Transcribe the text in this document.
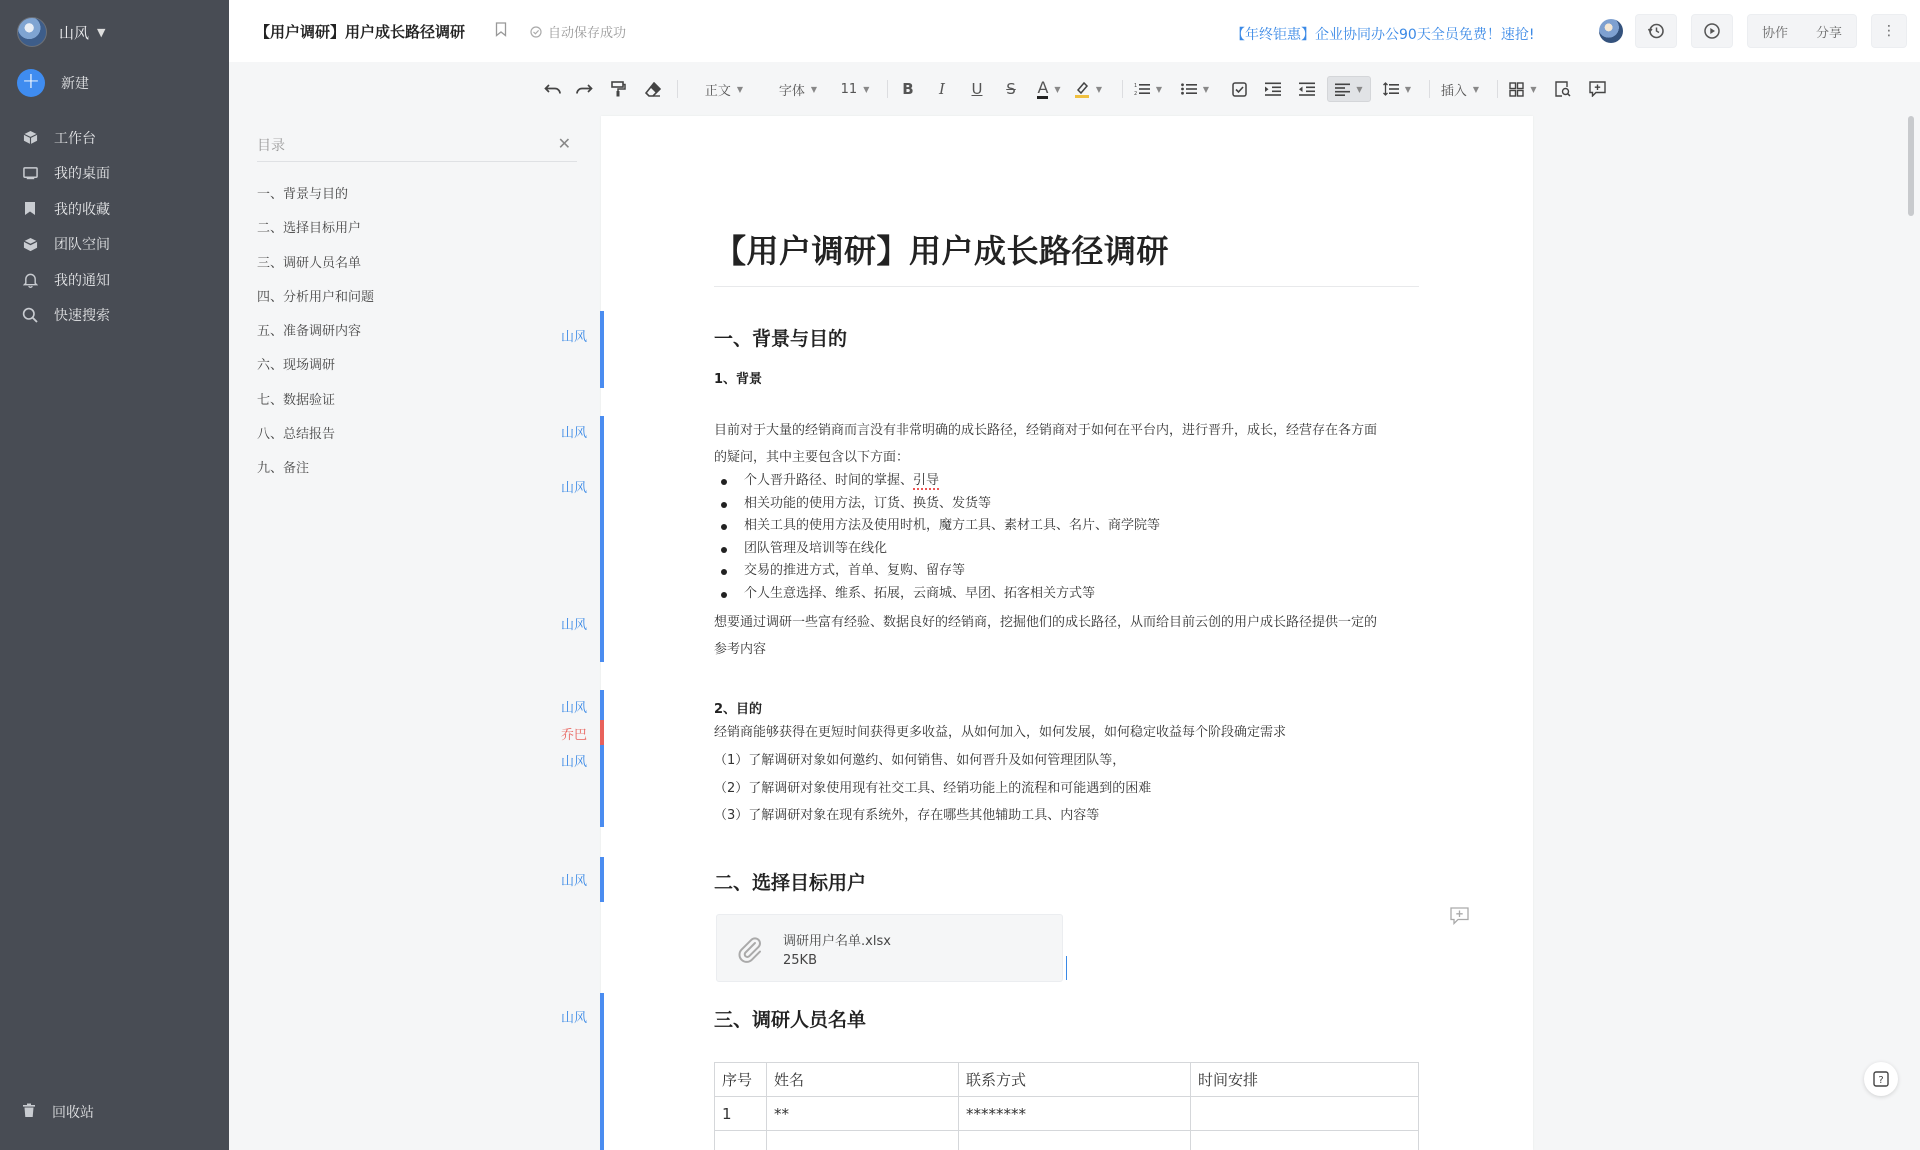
山风 ▼
+	新建
工作台
我的桌面
我的收藏
团队空间
我的通知
快速搜索
回收站
【用户调研】用户成长路径调研	自动保存成功	【年终钜惠】企业协同办公90天全员免费！速抢!	协作	分享	⋮
正文 ▼	字体 ▼ 11 ▼ B I U S A ▼	▼	1
2
▼	▼	▼	▼ 插入 ▼	▼
目录	✕
一、背景与目的
二、选择目标用户
三、调研人员名单
四、分析用户和问题
五、准备调研内容
六、现场调研
七、数据验证
八、总结报告
九、备注
【用户调研】用户成长路径调研
一、背景与目的
1、背景

目前对于大量的经销商而言没有非常明确的成长路径，经销商对于如何在平台内，进行晋升，成长，经营存在各方面

的疑问，其中主要包含以下方面：

个人晋升路径、时间的掌握、引导
相关功能的使用方法，订货、换货、发货等
相关工具的使用方法及使用时机，魔方工具、素材工具、名片、商学院等
团队管理及培训等在线化
交易的推进方式，首单、复购、留存等
个人生意选择、维系、拓展，云商城、早团、拓客相关方式等

想要通过调研一些富有经验、数据良好的经销商，挖掘他们的成长路径，从而给目前云创的用户成长路径提供一定的

参考内容

2、目的

经销商能够获得在更短时间获得更多收益，从如何加入，如何发展，如何稳定收益每个阶段确定需求

（1）了解调研对象如何邀约、如何销售、如何晋升及如何管理团队等，
（2）了解调研对象使用现有社交工具、经销功能上的流程和可能遇到的困难
（3）了解调研对象在现有系统外，存在哪些其他辅助工具、内容等
二、选择目标用户
调研用户名单.xlsx
25KB
三、调研人员名单
序号	姓名	联系方式	时间安排
1	**	********	

山风
山风
山风
山风
山风
乔巴
山风
山风
山风
?
